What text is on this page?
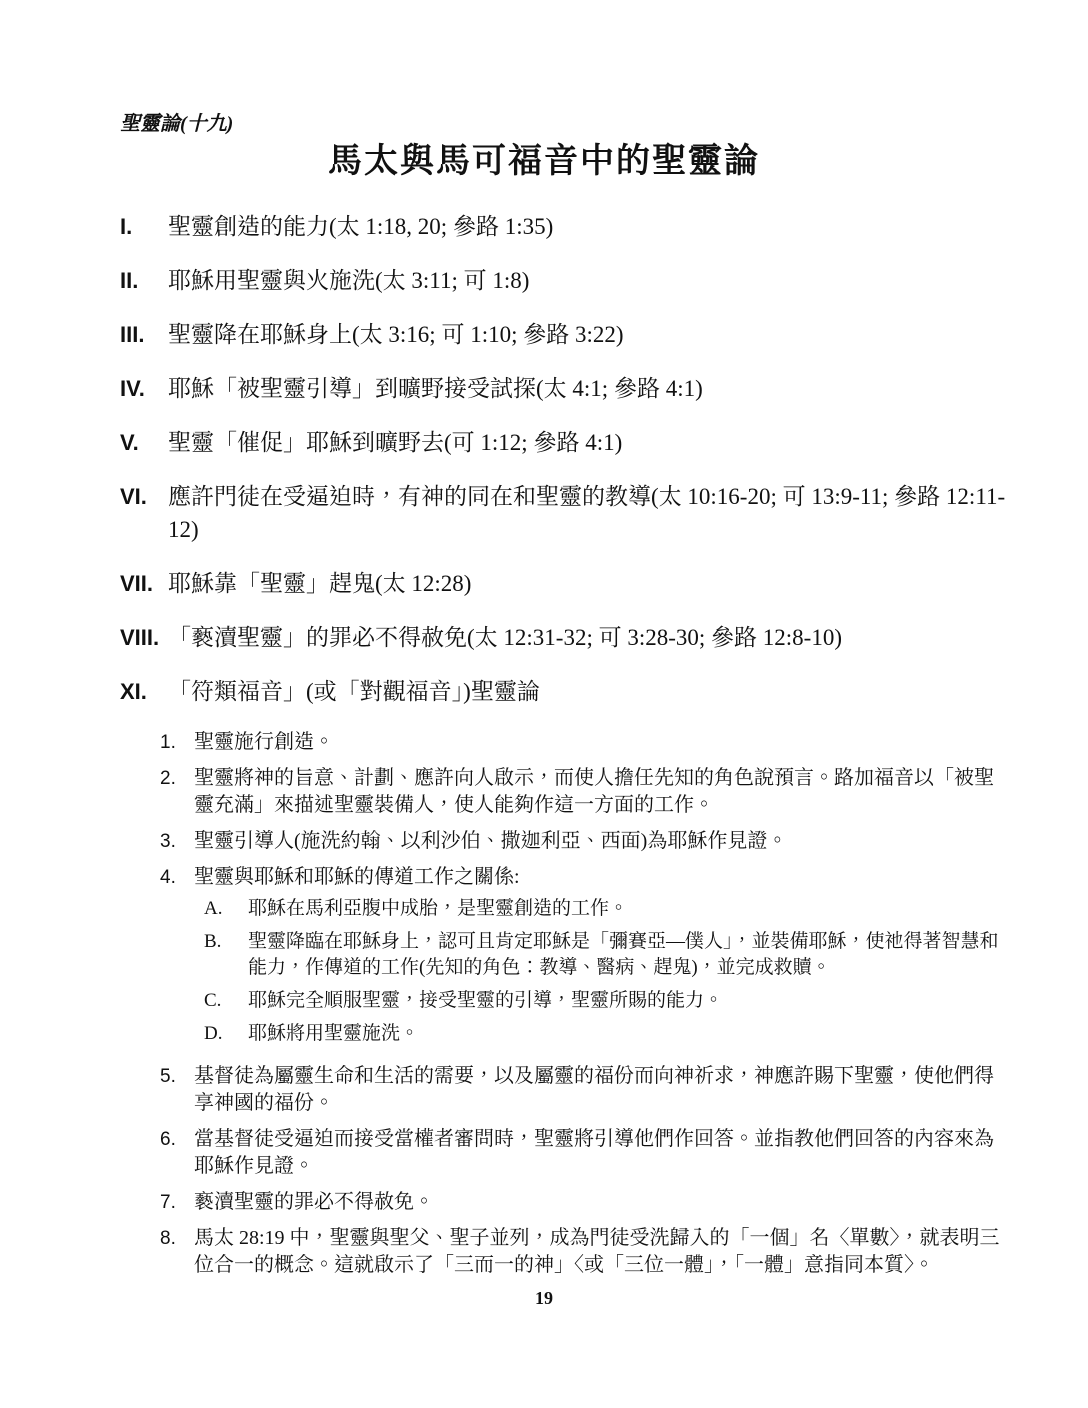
聖靈論(十九)
馬太與馬可福音中的聖靈論
I.	聖靈創造的能力(太 1:18, 20; 參路 1:35)
II.	耶穌用聖靈與火施洗(太 3:11; 可 1:8)
III.	聖靈降在耶穌身上(太 3:16; 可 1:10; 參路 3:22)
IV.	耶穌「被聖靈引導」到曠野接受試探(太 4:1; 參路 4:1)
V.	聖靈「催促」耶穌到曠野去(可 1:12; 參路 4:1)
VI. 應許門徒在受逼迫時，有神的同在和聖靈的教導(太 10:16-20; 可 13:9-11; 參路 12:11-12)
VII. 耶穌靠「聖靈」趕鬼(太 12:28)
VIII. 「褻瀆聖靈」的罪必不得赦免(太 12:31-32; 可 3:28-30; 參路 12:8-10)
XI. 「符類福音」(或「對觀福音」)聖靈論
1. 聖靈施行創造。
2. 聖靈將神的旨意、計劃、應許向人啟示，而使人擔任先知的角色說預言。路加福音以「被聖靈充滿」來描述聖靈裝備人，使人能夠作這一方面的工作。
3. 聖靈引導人(施洗約翰、以利沙伯、撒迦利亞、西面)為耶穌作見證。
4. 聖靈與耶穌和耶穌的傳道工作之關係:
A.	耶穌在馬利亞腹中成胎，是聖靈創造的工作。
B.	聖靈降臨在耶穌身上，認可且肯定耶穌是「彌賽亞—僕人」，並裝備耶穌，使祂得著智慧和能力，作傳道的工作(先知的角色：教導、醫病、趕鬼)，並完成救贖。
C.	耶穌完全順服聖靈，接受聖靈的引導，聖靈所賜的能力。
D.	耶穌將用聖靈施洗。
5. 基督徒為屬靈生命和生活的需要，以及屬靈的福份而向神祈求，神應許賜下聖靈，使他們得享神國的福份。
6. 當基督徒受逼迫而接受當權者審問時，聖靈將引導他們作回答。並指教他們回答的內容來為耶穌作見證。
7. 褻瀆聖靈的罪必不得赦免。
8. 馬太 28:19 中，聖靈與聖父、聖子並列，成為門徒受洗歸入的「一個」名〈單數〉，就表明三位合一的概念。這就啟示了「三而一的神」〈或「三位一體」，「一體」意指同本質〉。
19
